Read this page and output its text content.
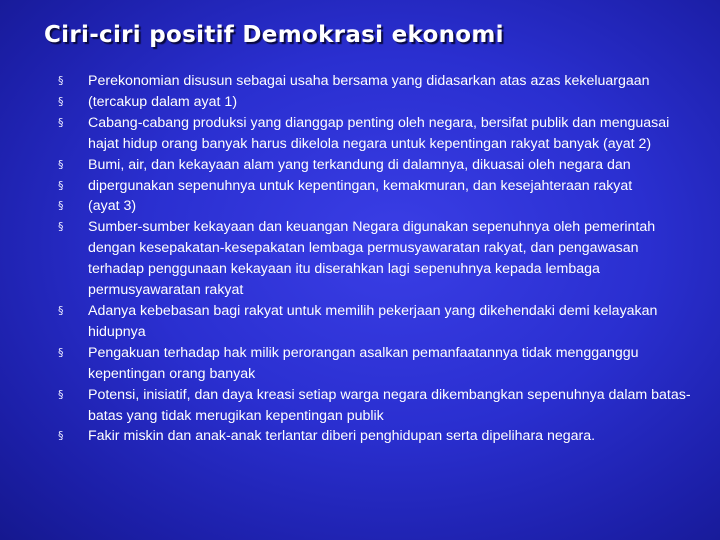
Ciri-ciri positif Demokrasi ekonomi
§	Perekonomian disusun sebagai usaha bersama yang didasarkan atas azas kekeluargaan
§	(tercakup dalam ayat 1)
§	Cabang-cabang produksi yang dianggap penting oleh negara, bersifat publik dan menguasai hajat hidup orang banyak harus dikelola negara untuk kepentingan rakyat banyak (ayat 2)
§	Bumi, air, dan kekayaan alam yang terkandung di dalamnya, dikuasai oleh negara dan
§	dipergunakan sepenuhnya untuk kepentingan, kemakmuran, dan kesejahteraan rakyat
§	(ayat 3)
§	Sumber-sumber kekayaan dan keuangan Negara digunakan sepenuhnya oleh pemerintah dengan kesepakatan-kesepakatan lembaga permusyawaratan rakyat, dan pengawasan terhadap penggunaan kekayaan itu diserahkan lagi sepenuhnya kepada lembaga permusyawaratan rakyat
§	Adanya kebebasan bagi rakyat untuk memilih pekerjaan yang dikehendaki demi kelayakan hidupnya
§	Pengakuan terhadap hak milik perorangan asalkan pemanfaatannya tidak mengganggu kepentingan orang banyak
§	Potensi, inisiatif, dan daya kreasi setiap warga negara dikembangkan sepenuhnya dalam batas-batas yang tidak merugikan kepentingan publik
§	Fakir miskin dan anak-anak terlantar diberi penghidupan serta dipelihara negara.
